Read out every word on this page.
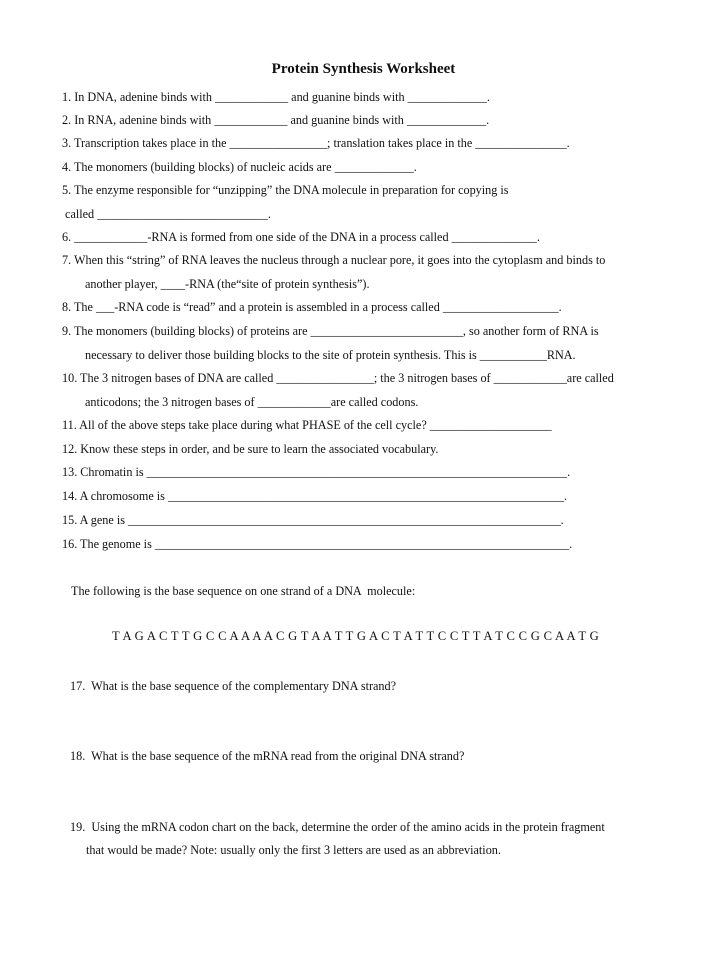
Protein Synthesis Worksheet
1. In DNA, adenine binds with ____________ and guanine binds with _____________.
2. In RNA, adenine binds with ____________ and guanine binds with _____________.
3. Transcription takes place in the ________________; translation takes place in the _______________.
4. The monomers (building blocks) of nucleic acids are _____________.
5. The enzyme responsible for “unzipping” the DNA molecule in preparation for copying is
called ____________________________.
6. ____________-RNA is formed from one side of the DNA in a process called ______________.
7. When this “string” of RNA leaves the nucleus through a nuclear pore, it goes into the cytoplasm and binds to
another player, ____-RNA (the“site of protein synthesis”).
8. The ___-RNA code is “read” and a protein is assembled in a process called ___________________.
9. The monomers (building blocks) of proteins are _________________________, so another form of RNA is
necessary to deliver those building blocks to the site of protein synthesis. This is ___________RNA.
10. The 3 nitrogen bases of DNA are called ________________; the 3 nitrogen bases of ____________are called
anticodons; the 3 nitrogen bases of ____________are called codons.
11. All of the above steps take place during what PHASE of the cell cycle? ____________________
12. Know these steps in order, and be sure to learn the associated vocabulary.
13. Chromatin is _____________________________________________________________________.
14. A chromosome is _________________________________________________________________.
15. A gene is _______________________________________________________________________.
16. The genome is ____________________________________________________________________.
The following is the base sequence on one strand of a DNA  molecule:
T A G A C T T G C C A A A A C G T A A T T G A C T A T T C C T T A T C C G C A A T G
17.  What is the base sequence of the complementary DNA strand?
18.  What is the base sequence of the mRNA read from the original DNA strand?
19.  Using the mRNA codon chart on the back, determine the order of the amino acids in the protein fragment
that would be made? Note: usually only the first 3 letters are used as an abbreviation.
